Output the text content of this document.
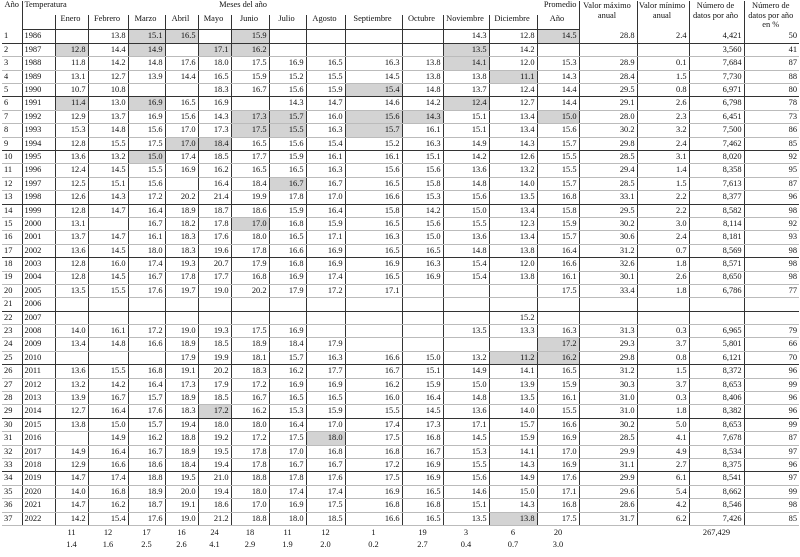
Año	Temperatura			Meses del año										Promedio	Valor máximo anual	Valor mínimo anual	Número de datos por año	Número de datos por año en %
		Enero	Febrero	Marzo	Abril	Mayo	Junio	Julio	Agosto	Septiembre	Octubre	Noviembre	Diciembre	Año				
1	1986		13.8	15.1	16.5		15.9					14.3	12.8	14.5	28.8	2.4	4,421	50
2	1987	12.8	14.4	14.9		17.1	16.2					13.5	14.2				3,560	41
3	1988	11.8	14.2	14.8	17.6	18.0	17.5	16.9	16.5	16.3	13.8	14.1	12.0	15.3	28.9	0.1	7,684	87
4	1989	13.1	12.7	13.9	14.4	16.5	15.9	15.2	15.5	14.5	13.8	13.8	11.1	14.3	28.4	1.5	7,730	88
5	1990	10.7	10.8			18.3	16.7	15.6	15.9	15.4	14.8	13.7	12.4	14.4	29.5	0.8	6,971	80
6	1991	11.4	13.0	16.9	16.5	16.9		14.3	14.7	14.6	14.2	12.4	12.7	14.4	29.1	2.6	6,798	78
7	1992	12.9	13.7	16.9	15.6	14.3	17.3	15.7	16.0	15.6	14.3	15.1	13.4	15.0	28.0	2.3	6,451	73
8	1993	15.3	14.8	15.6	17.0	17.3	17.5	15.5	16.3	15.7	16.1	15.1	13.4	15.6	30.2	3.2	7,500	86
9	1994	12.8	15.5	17.5	17.0	18.4	16.5	15.6	15.4	15.2	16.3	14.9	14.3	15.7	29.8	2.4	7,462	85
10	1995	13.6	13.2	15.0	17.4	18.5	17.7	15.9	16.1	16.1	15.1	14.2	12.6	15.5	28.5	3.1	8,020	92
11	1996	12.4	14.5	15.5	16.9	16.2	16.5	16.5	16.3	15.6	15.6	13.6	13.2	15.5	29.4	1.4	8,358	95
12	1997	12.5	15.1	15.6		16.4	18.4	16.7	16.7	16.5	15.8	14.8	14.0	15.7	28.5	1.5	7,613	87
13	1998	12.6	14.3	17.2	20.2	21.4	19.9	17.8	17.0	16.6	15.3	15.6	13.5	16.8	33.1	2.2	8,377	96
14	1999	12.8	14.7	16.4	18.9	18.7	18.6	15.9	16.4	15.8	14.2	15.0	13.4	15.8	29.5	2.2	8,582	98
15	2000	13.1		16.7	18.2	17.8	17.0	16.8	15.9	16.5	15.6	15.5	12.3	15.9	30.2	3.0	8,114	92
16	2001	13.7	14.7	16.1	18.3	17.6	18.0	16.5	17.1	16.3	15.0	13.6	13.4	15.7	30.6	2.4	8,181	93
17	2002	13.6	14.5	18.0	18.3	19.6	17.8	16.6	16.9	16.5	16.5	14.8	13.8	16.4	31.2	0.7	8,569	98
18	2003	12.8	16.0	17.4	19.3	20.7	17.9	16.8	16.9	16.9	16.3	15.4	12.0	16.6	32.6	1.8	8,571	98
19	2004	12.8	14.5	16.7	17.8	17.7	16.8	16.9	17.4	16.5	16.9	15.4	13.8	16.1	30.1	2.6	8,650	98
20	2005	13.5	15.5	17.6	19.7	19.0	20.2	17.9	17.2	17.1				17.5	33.4	1.8	6,786	77
21	2006																	
22	2007												15.2					
23	2008	14.0	16.1	17.2	19.0	19.3	17.5	16.9				13.5	13.3	16.3	31.3	0.3	6,965	79
24	2009	13.4	14.8	16.6	18.9	18.5	18.9	18.4	17.9					17.2	29.3	3.7	5,801	66
25	2010				17.9	19.9	18.1	15.7	16.3	16.6	15.0	13.2	11.2	16.2	29.8	0.8	6,121	70
26	2011	13.6	15.5	16.8	19.1	20.2	18.3	16.2	17.7	16.7	15.1	14.9	14.1	16.5	31.2	1.5	8,372	96
27	2012	13.2	14.2	16.4	17.3	17.9	17.2	16.9	16.9	16.2	15.9	15.0	13.9	15.9	30.3	3.7	8,653	99
28	2013	13.9	16.7	15.7	18.9	18.5	16.7	16.5	16.5	16.0	16.4	14.8	13.5	16.1	31.0	0.3	8,406	96
29	2014	12.7	16.4	17.6	18.3	17.2	16.2	15.3	15.9	15.5	14.5	13.6	14.0	15.5	31.0	1.8	8,382	96
30	2015	13.8	15.0	15.7	19.4	18.0	18.0	16.4	17.0	17.4	17.3	17.1	15.7	16.6	30.2	5.0	8,653	99
31	2016		14.9	16.2	18.8	19.2	17.2	17.5	18.0	17.5	16.8	14.5	15.9	16.9	28.5	4.1	7,678	87
32	2017	14.9	16.4	16.7	18.9	19.5	17.8	17.0	16.8	16.8	16.7	15.3	14.1	17.0	29.9	4.9	8,534	97
33	2018	12.9	16.6	18.6	18.4	19.4	17.8	16.7	16.7	17.2	16.9	15.5	14.3	16.9	31.1	2.7	8,375	96
34	2019	14.7	17.4	18.8	19.5	21.0	18.8	17.8	17.6	17.5	16.9	15.6	14.9	17.6	29.9	6.1	8,541	97
35	2020	14.0	16.8	18.9	20.0	19.4	18.0	17.4	17.4	16.9	16.5	14.6	15.0	17.1	29.6	5.4	8,662	99
36	2021	14.7	16.2	18.7	19.1	18.6	17.0	16.9	17.5	16.8	16.8	15.1	14.3	16.8	28.6	4.2	8,546	98
37	2022	14.2	15.4	17.6	19.0	21.2	18.8	18.0	18.5	16.6	16.5	13.5	13.8	17.5	31.7	6.2	7,426	85
		11	12	17	16	24	18	11	12	1	19	3	6	20			267,429	
		1.4	1.6	2.5	2.6	4.1	2.9	1.9	2.0	0.2	2.7	0.4	0.7	3.0				
